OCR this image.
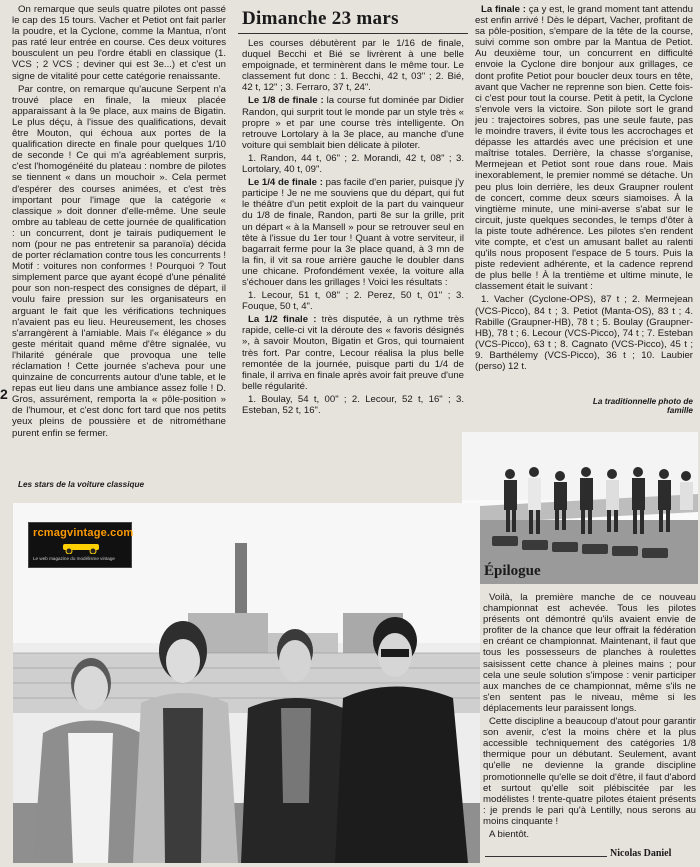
On remarque que seuls quatre pilotes ont passé le cap des 15 tours. Vacher et Petiot ont fait parler la poudre, et la Cyclone, comme la Mantua, n'ont pas raté leur entrée en course. Ces deux voitures bousculent un peu l'ordre établi en classique (1. VCS ; 2 VCS ; deviner qui est 3e...) et c'est un signe de vitalité pour cette catégorie renaissante.

Par contre, on remarque qu'aucune Serpent n'a trouvé place en finale, la mieux placée apparaissant à la 9e place, aux mains de Bigatin. Le plus déçu, à l'issue des qualifications, devait être Mouton, qui échoua aux portes de la qualification directe en finale pour quelques 1/10 de seconde ! Ce qui m'a agréablement surpris, c'est l'homogénéité du plateau : nombre de pilotes se tiennent « dans un mouchoir ». Cela permet d'espérer des courses animées, et c'est très important pour l'image que la catégorie « classique » doit donner d'elle-même. Une seule ombre au tableau de cette journée de qualification : un concurrent, dont je tairais pudiquement le nom (pour ne pas entretenir sa paranoïa) décida de porter réclamation contre tous les concurrents ! Motif : voitures non conformes ! Pourquoi ? Tout simplement parce que ayant écopé d'une pénalité pour son non-respect des consignes de départ, il voulu faire pression sur les organisateurs en arguant le fait que les vérifications techniques n'avaient pas eu lieu. Heureusement, les choses s'arrangèrent à l'amiable. Mais l'« élégance » du geste méritait quand même d'être signalée, vu l'hilarité générale que provoqua une telle réclamation ! Cette journée s'acheva pour une quinzaine de concurrents autour d'une table, et le repas eut lieu dans une ambiance assez folle ! D. Gros, assurément, remporta la « pôle-position » de l'humour, et c'est donc fort tard que nos petits yeux pleins de poussière et de nitrométhane purent enfin se fermer.

2
Dimanche 23 mars

Les courses débutèrent par le 1/16 de finale, duquel Becchi et Bié se livrèrent à une belle empoignade, et terminèrent dans le même tour. Le classement fut donc : 1. Becchi, 42 t, 03" ; 2. Bié, 42 t, 12" ; 3. Ferraro, 37 t, 24".

Le 1/8 de finale : la course fut dominée par Didier Randon, qui surprit tout le monde par un style très « propre » et par une course très intelligente. On retrouve Lortolary à la 3e place, au manche d'une voiture qui semblait bien délicate à piloter.

1. Randon, 44 t, 06" ; 2. Morandi, 42 t, 08" ; 3. Lortolary, 40 t, 09".

Le 1/4 de finale : pas facile d'en parier, puisque j'y participe ! Je ne me souviens que du départ, qui fut le théâtre d'un petit exploit de la part du vainqueur du 1/8 de finale, Randon, parti 8e sur la grille, prit un départ « à la Mansell » pour se retrouver seul en tête à l'issue du 1er tour ! Quant à votre serviteur, il bagarrait ferme pour la 3e place quand, à 3 mn de la fin, il vit sa roue arrière gauche le doubler dans une chicane. Profondément vexée, la voiture alla s'échouer dans les grillages ! Voici les résultats :

1. Lecour, 51 t, 08" ; 2. Perez, 50 t, 01" ; 3. Fouque, 50 t, 4".

La 1/2 finale : très disputée, à un rythme très rapide, celle-ci vit la déroute des « favoris désignés », à savoir Mouton, Bigatin et Gros, qui tournaient très fort. Par contre, Lecour réalisa la plus belle remontée de la journée, puisque parti du 1/4 de finale, il arriva en finale après avoir fait preuve d'une belle régularité.

1. Boulay, 54 t, 00" ; 2. Lecour, 52 t, 16" ; 3. Esteban, 52 t, 16".

La finale : ça y est, le grand moment tant attendu est enfin arrivé ! Dès le départ, Vacher, profitant de sa pôle-position, s'empare de la tête de la course, suivi comme son ombre par la Mantua de Petiot. Au deuxième tour, un concurrent en difficulté envoie la Cyclone dire bonjour aux grillages, ce dont profite Petiot pour boucler deux tours en tête, avant que Vacher ne reprenne son bien. Cette fois-ci c'est pour tout la course. Petit à petit, la Cyclone s'envole vers la victoire. Son pilote sort le grand jeu : trajectoires sobres, pas une seule faute, pas le moindre travers, il évite tous les accrochages et dépasse les attardés avec une précision et une maîtrise totales. Derrière, la chasse s'organise, Mermejean et Petiot sont roue dans roue. Mais inexorablement, le premier nommé se détache. Un peu plus loin derrière, les deux Graupner roulent de concert, comme deux sœurs siamoises. À la vingtième minute, une mini-averse s'abat sur le circuit, juste quelques secondes, le temps d'ôter à la piste toute adhérence. Les pilotes s'en rendent vite compte, et c'est un amusant ballet au ralenti qu'ils nous proposent l'espace de 5 tours. Puis la piste redevient adhérente, et la cadence reprend de plus belle ! À la trentième et ultime minute, le classement était le suivant :

1. Vacher (Cyclone-OPS), 87 t ; 2. Mermejean (VCS-Picco), 84 t ; 3. Petiot (Manta-OS), 83 t ; 4. Rabille (Graupner-HB), 78 t ; 5. Boulay (Graupner-HB), 78 t ; 6. Lecour (VCS-Picco), 74 t ; 7. Esteban (VCS-Picco), 63 t ; 8. Cagnato (VCS-Picco), 45 t ; 9. Barthélemy (VCS-Picco), 36 t ; 10. Laubier (perso) 12 t.

La traditionnelle photo de famille
Les stars de la voiture classique
rcmagvintage.com
Le web magazine du modélisme vintage
Épilogue

Voilà, la première manche de ce nouveau championnat est achevée. Tous les pilotes présents ont démontré qu'ils avaient envie de profiter de la chance que leur offrait la fédération en créant ce championnat. Maintenant, il faut que tous les possesseurs de planches à roulettes saisissent cette chance à pleines mains ; pour cela une seule solution s'impose : venir participer aux manches de ce championnat, même s'ils ne s'en sentent pas le niveau, même si les déplacements leur paraissent longs.

Cette discipline a beaucoup d'atout pour garantir son avenir, c'est la moins chère et la plus accessible techniquement des catégories 1/8 thermique pour un débutant. Seulement, avant qu'elle ne devienne la grande discipline promotionnelle qu'elle se doit d'être, il faut d'abord et surtout qu'elle soit plébiscitée par les modélistes ! trente-quatre pilotes étaient présents : je prends le pari qu'à Lentilly, nous serons au moins cinquante !

A bientôt.

Nicolas Daniel
